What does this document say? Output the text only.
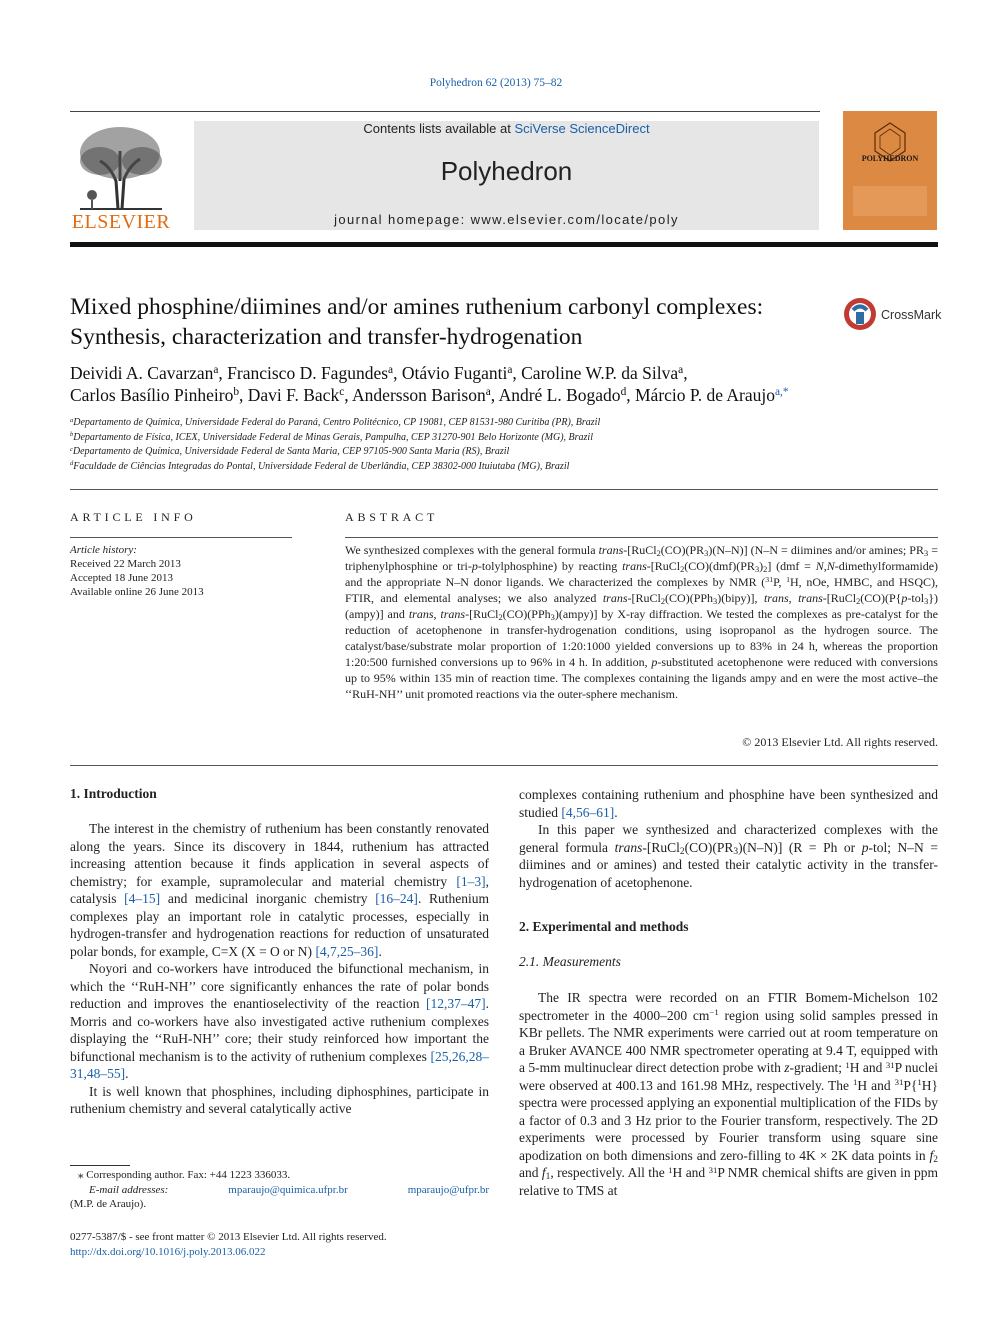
Polyhedron 62 (2013) 75–82
ELSEVIER
Contents lists available at SciVerse ScienceDirect
Polyhedron
journal homepage: www.elsevier.com/locate/poly
POLYHEDRON
Mixed phosphine/diimines and/or amines ruthenium carbonyl complexes: Synthesis, characterization and transfer-hydrogenation
CrossMark
Deividi A. Cavarzan$^a$, Francisco D. Fagundes$^a$, Otávio Fuganti$^a$, Caroline W.P. da Silva$^a$,
Carlos Basílio Pinheiro$^b$, Davi F. Back$^c$, Andersson Barison$^a$, André L. Bogado$^d$, Márcio P. de Araujo$^{a,*}$
$^a$Departamento de Química, Universidade Federal do Paraná, Centro Politécnico, CP 19081, CEP 81531-980 Curitiba (PR), Brazil
$^b$Departamento de Física, ICEX, Universidade Federal de Minas Gerais, Pampulha, CEP 31270-901 Belo Horizonte (MG), Brazil
$^c$Departamento de Química, Universidade Federal de Santa Maria, CEP 97105-900 Santa Maria (RS), Brazil
$^d$Faculdade de Ciências Integradas do Pontal, Universidade Federal de Uberlândia, CEP 38302-000 Ituiutaba (MG), Brazil
ARTICLE INFO
Article history:
Received 22 March 2013
Accepted 18 June 2013
Available online 26 June 2013
ABSTRACT
We synthesized complexes with the general formula trans-$[RuCl_2(CO)(PR_3)(N-N)] (N-N$ = diimines and/or amines; $PR_3$ = triphenylphosphine or tri-p-tolylphosphine) by reacting trans-$[RuCl_2(CO)(dmf)(PR_3)_2] (dmf$ = N,N-dimethylformamide) and the appropriate N–N donor ligands. We characterized the complexes by NMR ($^{31}$P, $^1$H, nOe, HMBC, and HSQC), FTIR, and elemental analyses; we also analyzed trans-[RuCl$_2$(CO)(PPh$_3$)(bipy)], trans, trans-[RuCl$_2$(CO)(P{p-tol$_3$})(ampy)] and trans, trans-[RuCl$_2$(CO)(PPh$_3$)(ampy)] by X-ray diffraction. We tested the complexes as pre-catalyst for the reduction of acetophenone in transfer-hydrogenation conditions, using isopropanol as the hydrogen source. The catalyst/base/substrate molar proportion of 1:20:1000 yielded conversions up to 83% in 24 h, whereas the proportion 1:20:500 furnished conversions up to 96% in 4 h. In addition, p-substituted acetophenone were reduced with conversions up to 95% within 135 min of reaction time. The complexes containing the ligands ampy and en were the most active–the ‘‘RuH-NH’’ unit promoted reactions via the outer-sphere mechanism.
© 2013 Elsevier Ltd. All rights reserved.
1. Introduction

The interest in the chemistry of ruthenium has been constantly renovated along the years. Since its discovery in 1844, ruthenium has attracted increasing attention because it finds application in several aspects of chemistry; for example, supramolecular and material chemistry [1–3], catalysis [4–15] and medicinal inorganic chemistry [16–24]. Ruthenium complexes play an important role in catalytic processes, especially in hydrogen-transfer and hydrogenation reactions for reduction of unsaturated polar bonds, for example, C=X (X = O or N) [4,7,25–36].

Noyori and co-workers have introduced the bifunctional mechanism, in which the ‘‘RuH-NH’’ core significantly enhances the rate of polar bonds reduction and improves the enantioselectivity of the reaction [12,37–47]. Morris and co-workers have also investigated active ruthenium complexes displaying the ‘‘RuH-NH’’ core; their study reinforced how important the bifunctional mechanism is to the activity of ruthenium complexes [25,26,28–31,48–55].

It is well known that phosphines, including diphosphines, participate in ruthenium chemistry and several catalytically active

⁎ Corresponding author. Fax: +44 1223 336033.
E-mail addresses:	mparaujo@quimica.ufpr.br	mparaujo@ufpr.br
(M.P. de Araujo).
0277-5387/$ - see front matter © 2013 Elsevier Ltd. All rights reserved.
http://dx.doi.org/10.1016/j.poly.2013.06.022

complexes containing ruthenium and phosphine have been synthesized and studied [4,56–61].

In this paper we synthesized and characterized complexes with the general formula trans-$[RuCl_2(CO)(PR_3)(N-N)] (R = Ph$ or p-tol; N–N = diimines and or amines) and tested their catalytic activity in the transfer-hydrogenation of acetophenone.

2. Experimental and methods
2.1. Measurements

The IR spectra were recorded on an FTIR Bomem-Michelson 102 spectrometer in the 4000–200 $cm^{-1}$ region using solid samples pressed in KBr pellets. The NMR experiments were carried out at room temperature on a Bruker AVANCE 400 NMR spectrometer operating at 9.4 T, equipped with a 5-mm multinuclear direct detection probe with z-gradient; $^1$H and $^{31}$P nuclei were observed at 400.13 and 161.98 MHz, respectively. The $^1$H and $^{31}$P{$^1$H} spectra were processed applying an exponential multiplication of the FIDs by a factor of 0.3 and 3 Hz prior to the Fourier transform, respectively. The 2D experiments were processed by Fourier transform using square sine apodization on both dimensions and zero-filling to 4K × 2K data points in $f_2$ and $f_1$, respectively. All the $^1$H and $^{31}$P NMR chemical shifts are given in ppm relative to TMS at
